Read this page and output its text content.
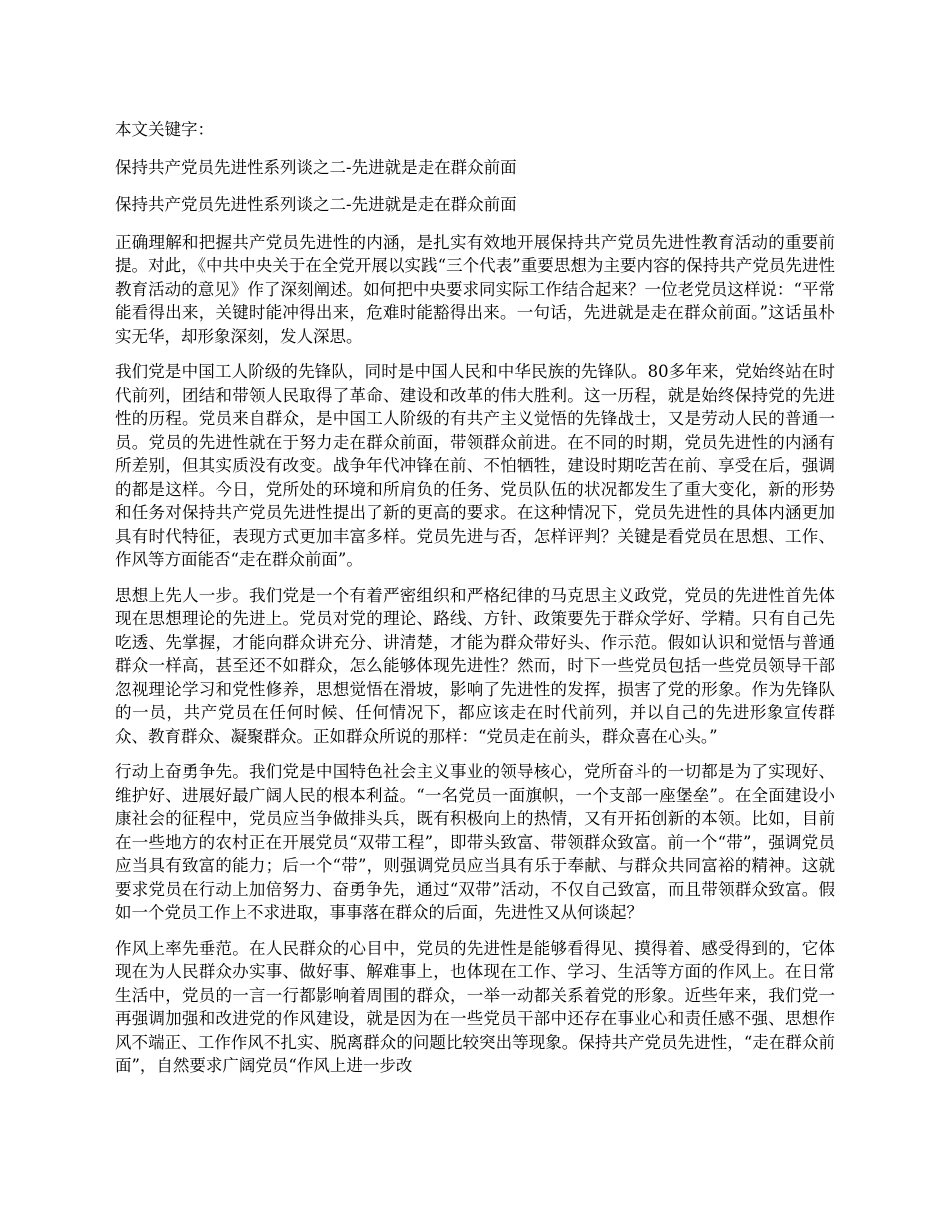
本文关键字：

保持共产党员先进性系列谈之二-先进就是走在群众前面

保持共产党员先进性系列谈之二-先进就是走在群众前面

正确理解和把握共产党员先进性的内涵，是扎实有效地开展保持共产党员先进性教育活动的重要前提。对此，《中共中央关于在全党开展以实践“三个代表”重要思想为主要内容的保持共产党员先进性教育活动的意见》作了深刻阐述。如何把中央要求同实际工作结合起来？一位老党员这样说：“平常能看得出来，关键时能冲得出来，危难时能豁得出来。一句话，先进就是走在群众前面。”这话虽朴实无华，却形象深刻，发人深思。

我们党是中国工人阶级的先锋队，同时是中国人民和中华民族的先锋队。80多年来，党始终站在时代前列，团结和带领人民取得了革命、建设和改革的伟大胜利。这一历程，就是始终保持党的先进性的历程。党员来自群众，是中国工人阶级的有共产主义觉悟的先锋战士，又是劳动人民的普通一员。党员的先进性就在于努力走在群众前面，带领群众前进。在不同的时期，党员先进性的内涵有所差别，但其实质没有改变。战争年代冲锋在前、不怕牺牲，建设时期吃苦在前、享受在后，强调的都是这样。今日，党所处的环境和所肩负的任务、党员队伍的状况都发生了重大变化，新的形势和任务对保持共产党员先进性提出了新的更高的要求。在这种情况下，党员先进性的具体内涵更加具有时代特征，表现方式更加丰富多样。党员先进与否，怎样评判？关键是看党员在思想、工作、作风等方面能否“走在群众前面”。

思想上先人一步。我们党是一个有着严密组织和严格纪律的马克思主义政党，党员的先进性首先体现在思想理论的先进上。党员对党的理论、路线、方针、政策要先于群众学好、学精。只有自己先吃透、先掌握，才能向群众讲充分、讲清楚，才能为群众带好头、作示范。假如认识和觉悟与普通群众一样高，甚至还不如群众，怎么能够体现先进性？然而，时下一些党员包括一些党员领导干部忽视理论学习和党性修养，思想觉悟在滑坡，影响了先进性的发挥，损害了党的形象。作为先锋队的一员，共产党员在任何时候、任何情况下，都应该走在时代前列，并以自己的先进形象宣传群众、教育群众、凝聚群众。正如群众所说的那样：“党员走在前头，群众喜在心头。”

行动上奋勇争先。我们党是中国特色社会主义事业的领导核心，党所奋斗的一切都是为了实现好、维护好、进展好最广阔人民的根本利益。“一名党员一面旗帜，一个支部一座堡垒”。在全面建设小康社会的征程中，党员应当争做排头兵，既有积极向上的热情，又有开拓创新的本领。比如，目前在一些地方的农村正在开展党员“双带工程”，即带头致富、带领群众致富。前一个“带”，强调党员应当具有致富的能力；后一个“带”，则强调党员应当具有乐于奉献、与群众共同富裕的精神。这就要求党员在行动上加倍努力、奋勇争先，通过“双带”活动，不仅自己致富，而且带领群众致富。假如一个党员工作上不求进取，事事落在群众的后面，先进性又从何谈起？

作风上率先垂范。在人民群众的心目中，党员的先进性是能够看得见、摸得着、感受得到的，它体现在为人民群众办实事、做好事、解难事上，也体现在工作、学习、生活等方面的作风上。在日常生活中，党员的一言一行都影响着周围的群众，一举一动都关系着党的形象。近些年来，我们党一再强调加强和改进党的作风建设，就是因为在一些党员干部中还存在事业心和责任感不强、思想作风不端正、工作作风不扎实、脱离群众的问题比较突出等现象。保持共产党员先进性，“走在群众前面”，自然要求广阔党员“作风上进一步改
